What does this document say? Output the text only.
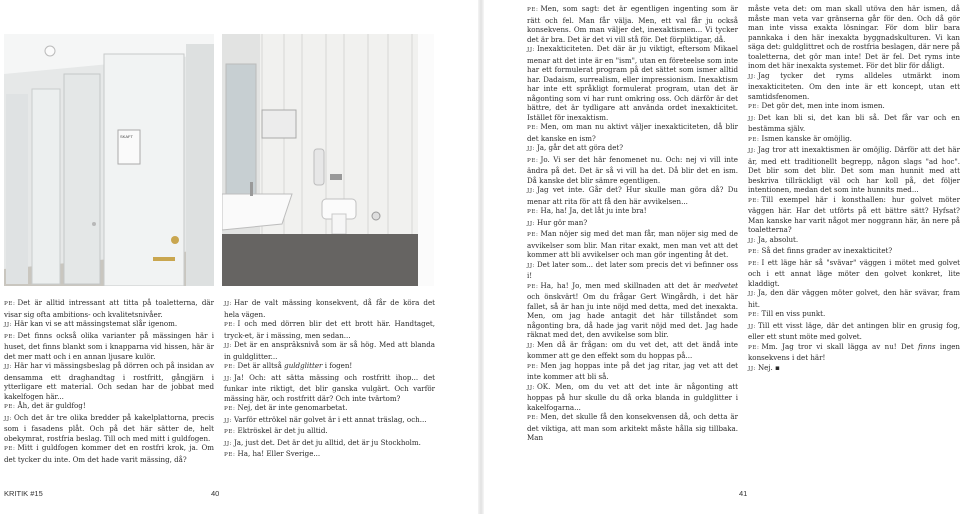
SKAFT

PE: Det är alltid intressant att titta på toaletterna, där visar sig ofta ambitions- och kvalitetsnivåer.

JJ: Här kan vi se att mässingstemat slår igenom.

PE: Det finns också olika varianter på mässingen här i huset, det finns blankt som i knapparna vid hissen, här är det mer matt och i en annan ljusare kulör.

JJ: Här har vi mässingsbeslag på dörren och på insidan av densamma ett draghandtag i rostfritt, gångjärn i ytterligare ett material. Och sedan har de jobbat med kakelfogen här...

PE: Åh, det är guldfog!

JJ: Och det är tre olika bredder på kakelplattorna, precis som i fasadens plåt. Och på det här sätter de, helt obekymrat, rostfria beslag. Till och med mitt i guldfogen.

PE: Mitt i guldfogen kommer det en rostfri krok, ja. Om det tycker du inte. Om det hade varit mässing, då?

JJ: Har de valt mässing konsekvent, då får de köra det hela vägen.

PE: I och med dörren blir det ett brott här. Handtaget, tryck-et, är i mässing, men sedan...

JJ: Det är en ansprâksnivå som är så hög. Med att blanda in guldglitter...

PE: Det är alltså guldglitter i fogen!

JJ: Ja! Och: att sätta mässing och rostfritt ihop... det funkar inte riktigt, det blir ganska vulgärt. Och varför mässing här, och rostfritt där? Och inte tvärtom?

PE: Nej, det är inte genomarbetat.

JJ: Varför ettrökel när golvet är i ett annat träslag, och...

PE: Ektröskel är det ju alltid.

JJ: Ja, just det. Det är det ju alltid, det är ju Stockholm.

PE: Ha, ha! Eller Sverige...

PE: Men, som sagt: det är egentligen ingenting som är rätt och fel. Man får välja. Men, ett val får ju också konsekvens. Om man väljer det, inexaktismen... Vi tycker det är bra. Det är det vi vill stå för. Det förpliktigar, då.

JJ: Inexakticiteten. Det där är ju viktigt, eftersom Mikael menar att det inte är en "ism", utan en företeelse som inte har ett formulerat program på det sättet som ismer alltid har. Dadaism, surrealism, eller impressionism. Inexaktism har inte ett språkligt formulerat program, utan det är någonting som vi har runt omkring oss. Och därför är det bättre, det är tydligare att använda ordet inexakticitet. Istället för inexaktism.

PE: Men, om man nu aktivt väljer inexakticiteten, då blir det kanske en ism?

JJ: Ja, går det att göra det?

PE: Jo. Vi ser det här fenomenet nu. Och: nej vi vill inte ändra på det. Det är så vi vill ha det. Då blir det en ism. Då kanske det blir sämre egentligen.

JJ: Jag vet inte. Går det? Hur skulle man göra då? Du menar att rita för att få den här avvikelsen...

PE: Ha, ha! Ja, det låt ju inte bra!

JJ: Hur gör man?

PE: Man nöjer sig med det man får, man nöjer sig med de avvikelser som blir. Man ritar exakt, men man vet att det kommer att bli avvikelser och man gör ingenting åt det.

JJ: Det later som... det later som precis det vi befinner oss i!

PE: Ha, ha! Jo, men med skillnaden att det är medvetet och önskvärt! Om du frågar Gert Wingårdh, i det här fallet, så är han ju inte nöjd med detta, med det inexakta. Men, om jag hade antagit det här tillståndet som någonting bra, då hade jag varit nöjd med det. Jag hade räknat med det, den avvikelse som blir.

JJ: Men då är frågan: om du vet det, att det ändå inte kommer att ge den effekt som du hoppas på...

PE: Men jag hoppas inte på det jag ritar, jag vet att det inte kommer att bli så.

JJ: OK. Men, om du vet att det inte är någonting att hoppas på hur skulle du då orka blanda in guldglitter i kakelfogarna...

PE: Men, det skulle få den konsekvensen då, och detta är det viktiga, att man som arkitekt måste hålla sig tillbaka. Man

måste veta det: om man skall utöva den här ismen, då måste man veta var gränserna går för den. Och då gör man inte vissa exakta lösningar. För dom blir bara pannkaka i den här inexakta byggnadskulturen. Vi kan säga det: guldglittret och de rostfria beslagen, där nere på toaletterna, det gör man inte! Det är fel. Det ryms inte inom det här inexakta systemet. För det blir för dåligt.

JJ: Jag tycker det ryms alldeles utmärkt inom inexakticiteten. Om den inte är ett koncept, utan ett samtidsfenomen.

PE: Det gör det, men inte inom ismen.

JJ: Det kan bli si, det kan bli så. Det får var och en bestämma själv.

PE: Ismen kanske är omöjlig.

JJ: Jag tror att inexaktismen är omöjlig. Därför att det här är, med ett traditionellt begrepp, någon slags "ad hoc". Det blir som det blir. Det som man hunnit med att beskriva tillräckligt väl och har koll på, det följer intentionen, medan det som inte hunnits med...

PE: Till exempel här i konsthallen: hur golvet möter väggen här. Har det utförts på ett bättre sätt? Hyfsat? Man kanske har varit något mer noggrann här, än nere på toaletterna?

JJ: Ja, absolut.

PE: Så det finns grader av inexakticitet?

PE: I ett läge här så "svävar" väggen i mötet med golvet och i ett annat läge möter den golvet konkret, lite kladdigt.

JJ: Ja, den där väggen möter golvet, den här svävar, fram hit.

PE: Till en viss punkt.

JJ: Till ett visst läge, där det antingen blir en grusig fog, eller ett stunt möte med golvet.

PE: Mm. Jag tror vi skall lägga av nu! Det finns ingen konsekvens i det här!

JJ: Nej. ▪

KRITIK #15	40	41
